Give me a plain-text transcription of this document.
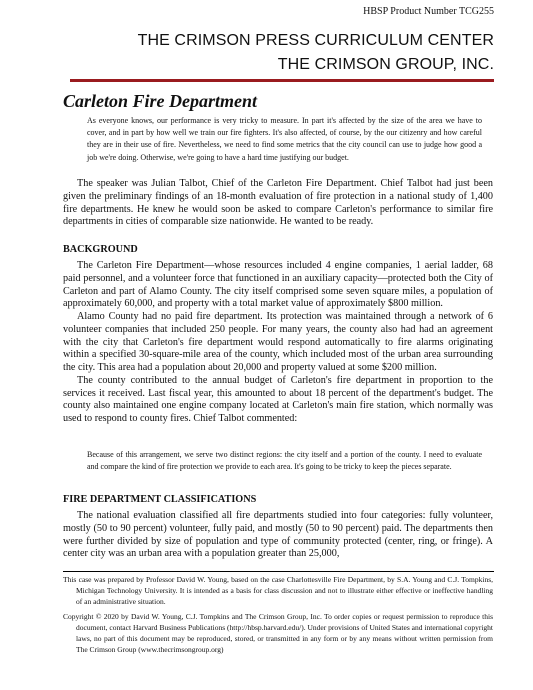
HBSP Product Number TCG255
THE CRIMSON PRESS CURRICULUM CENTER
THE CRIMSON GROUP, INC.
Carleton Fire Department
As everyone knows, our performance is very tricky to measure. In part it's affected by the size of the area we have to cover, and in part by how well we train our fire fighters. It's also affected, of course, by the our citizenry and how careful they are in their use of fire. Nevertheless, we need to find some metrics that the city council can use to judge how good a job we're doing. Otherwise, we're going to have a hard time justifying our budget.

The speaker was Julian Talbot, Chief of the Carleton Fire Department. Chief Talbot had just been given the preliminary findings of an 18-month evaluation of fire protection in a national study of 1,400 fire departments. He knew he would soon be asked to compare Carleton's performance to similar fire departments in cities of comparable size nationwide. He wanted to be ready.

BACKGROUND

The Carleton Fire Department—whose resources included 4 engine companies, 1 aerial ladder, 68 paid personnel, and a volunteer force that functioned in an auxiliary capacity—protected both the City of Carleton and part of Alamo County. The city itself comprised some seven square miles, a population of approximately 60,000, and property with a total market value of approximately $800 million.

Alamo County had no paid fire department. Its protection was maintained through a network of 6 volunteer companies that included 250 people. For many years, the county also had had an agreement with the city that Carleton's fire department would respond automatically to fire alarms originating within a specified 30-square-mile area of the county, which included most of the urban area surrounding the city. This area had a population about 20,000 and property valued at some $200 million.

The county contributed to the annual budget of Carleton's fire department in proportion to the services it received. Last fiscal year, this amounted to about 18 percent of the department's budget. The county also maintained one engine company located at Carleton's main fire station, which normally was used to respond to county fires. Chief Talbot commented:

Because of this arrangement, we serve two distinct regions: the city itself and a portion of the county. I need to evaluate and compare the kind of fire protection we provide to each area. It's going to be tricky to keep the pieces separate.
FIRE DEPARTMENT CLASSIFICATIONS

The national evaluation classified all fire departments studied into four categories: fully volunteer, mostly (50 to 90 percent) volunteer, fully paid, and mostly (50 to 90 percent) paid. The departments then were further divided by size of population and type of community protected (center, ring, or fringe). A center city was an urban area with a population greater than 25,000,

This case was prepared by Professor David W. Young, based on the case Charlottesville Fire Department, by S.A. Young and C.J. Tompkins, Michigan Technology University. It is intended as a basis for class discussion and not to illustrate either effective or ineffective handling of an administrative situation.

Copyright © 2020 by David W. Young, C.J. Tompkins and The Crimson Group, Inc. To order copies or request permission to reproduce this document, contact Harvard Business Publications (http://hbsp.harvard.edu/). Under provisions of United States and international copyright laws, no part of this document may be reproduced, stored, or transmitted in any form or by any means without written permission from The Crimson Group (www.thecrimsongroup.org)
